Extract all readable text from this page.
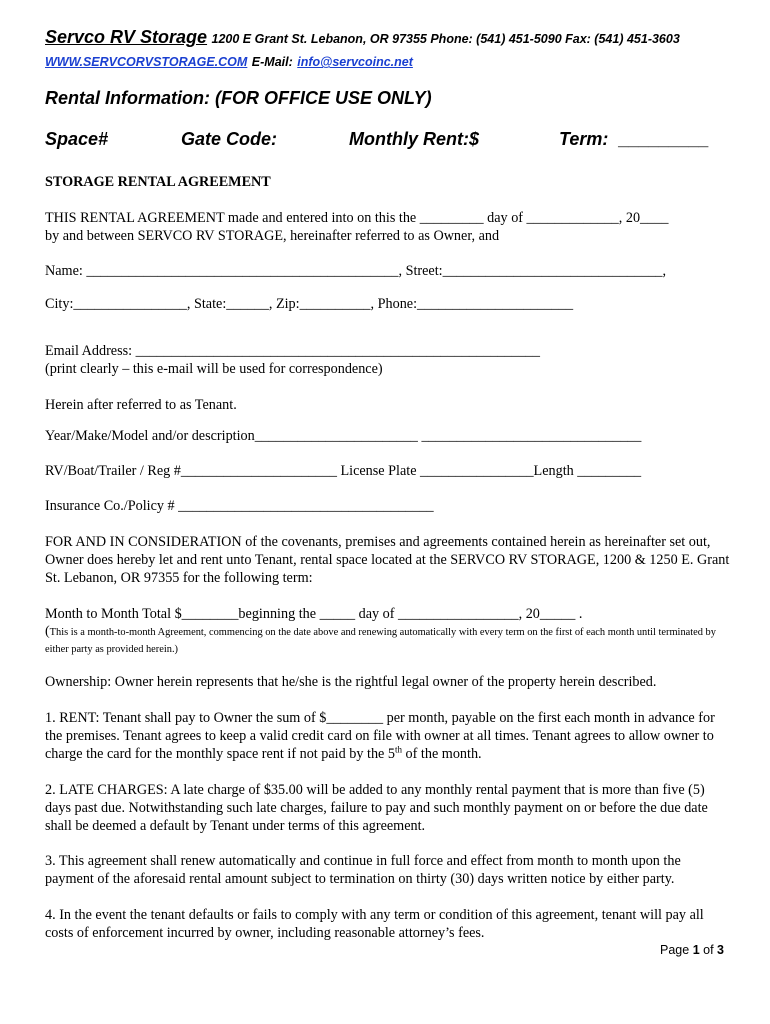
Servco RV Storage 1200 E Grant St. Lebanon, OR 97355 Phone: (541) 451-5090 Fax: (541) 451-3603
WWW.SERVCORVSTORAGE.COM E-Mail: info@servcoinc.net
Rental Information: (FOR OFFICE USE ONLY)
Space#	Gate Code:	Monthly Rent:$	Term: _________

STORAGE RENTAL AGREEMENT
THIS RENTAL AGREEMENT made and entered into on this the _________ day of _____________, 20____
by and between SERVCO RV STORAGE, hereinafter referred to as Owner, and
Name: ____________________________________________, Street:_______________________________,
City:________________, State:______, Zip:__________, Phone:______________________
Email Address: _________________________________________________________
(print clearly – this e-mail will be used for correspondence)
Herein after referred to as Tenant.
Year/Make/Model and/or description_______________________ _______________________________
RV/Boat/Trailer / Reg #______________________ License Plate ________________Length _________
Insurance Co./Policy # ____________________________________
FOR AND IN CONSIDERATION of the covenants, premises and agreements contained herein as hereinafter set out, Owner does hereby let and rent unto Tenant, rental space located at the SERVCO RV STORAGE, 1200 & 1250 E. Grant St. Lebanon, OR 97355 for the following term:
Month to Month Total $________beginning the _____ day of _________________, 20_____ .
(This is a month-to-month Agreement, commencing on the date above and renewing automatically with every term on the first of each month until terminated by either party as provided herein.)
Ownership: Owner herein represents that he/she is the rightful legal owner of the property herein described.
1. RENT: Tenant shall pay to Owner the sum of $________ per month, payable on the first each month in advance for the premises. Tenant agrees to keep a valid credit card on file with owner at all times. Tenant agrees to allow owner to charge the card for the monthly space rent if not paid by the 5th of the month.
2. LATE CHARGES: A late charge of $35.00 will be added to any monthly rental payment that is more than five (5) days past due. Notwithstanding such late charges, failure to pay and such monthly payment on or before the due date shall be deemed a default by Tenant under terms of this agreement.
3. This agreement shall renew automatically and continue in full force and effect from month to month upon the payment of the aforesaid rental amount subject to termination on thirty (30) days written notice by either party.
4. In the event the tenant defaults or fails to comply with any term or condition of this agreement, tenant will pay all costs of enforcement incurred by owner, including reasonable attorney’s fees.
Page 1 of 3
